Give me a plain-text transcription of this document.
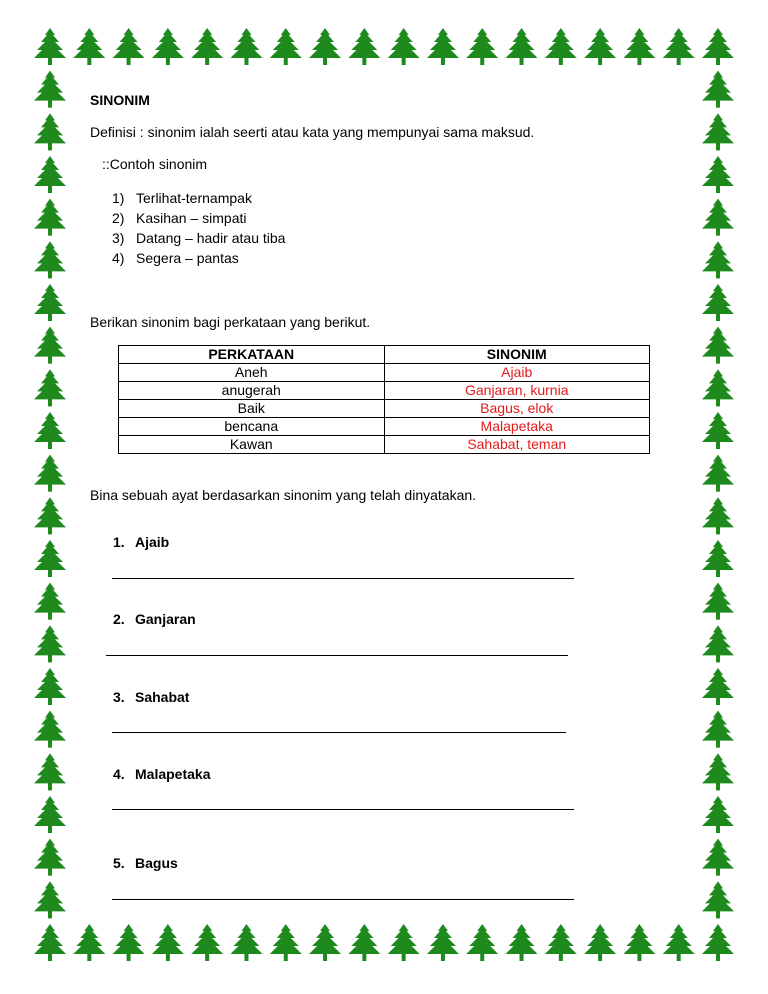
SINONIM
Definisi : sinonim ialah seerti atau kata yang mempunyai sama maksud.
::Contoh sinonim
1) Terlihat-ternampak
2) Kasihan – simpati
3) Datang – hadir atau tiba
4) Segera – pantas
Berikan sinonim bagi perkataan yang berikut.
PERKATAAN	SINONIM
Aneh	Ajaib
anugerah	Ganjaran, kurnia
Baik	Bagus, elok
bencana	Malapetaka
Kawan	Sahabat, teman
Bina sebuah ayat berdasarkan sinonim yang telah dinyatakan.
1. Ajaib
2. Ganjaran
3. Sahabat
4. Malapetaka
5. Bagus
